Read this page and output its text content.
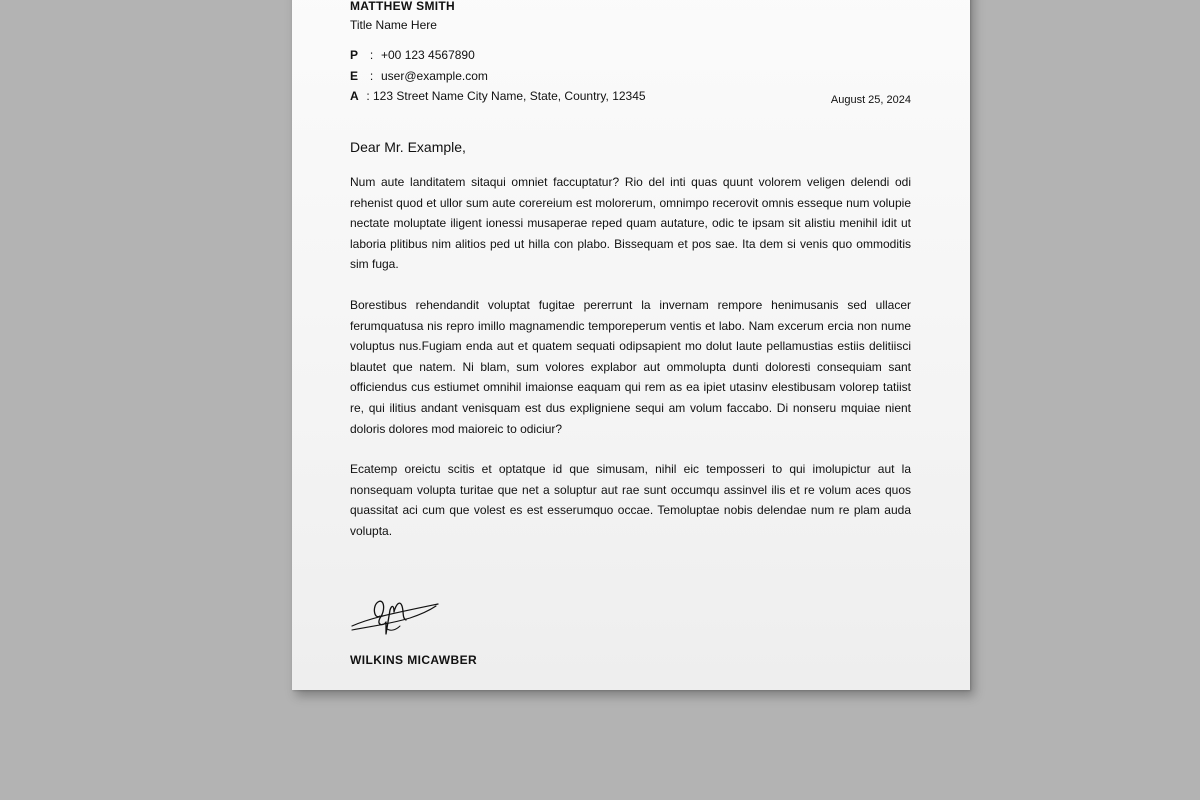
MATTHEW SMITH

Title Name Here

P : +00 123 4567890
E : user@example.com
A : 123 Street Name City Name, State, Country, 12345	August 25, 2024
Dear Mr. Example,

Num aute landitatem sitaqui omniet faccuptatur? Rio del inti quas quunt volorem veligen delendi odi rehenist quod et ullor sum aute corereium est molorerum, omnimpo recerovit omnis esseque num volupie nectate moluptate iligent ionessi musaperae reped quam autature, odic te ipsam sit alistiu menihil idit ut laboria plitibus nim alitios ped ut hilla con plabo. Bissequam et pos sae. Ita dem si venis quo ommoditis sim fuga.

Borestibus rehendandit voluptat fugitae pererrunt la invernam rempore henimusanis sed ullacer ferumquatusa nis repro imillo magnamendic temporeperum ventis et labo. Nam excerum ercia non nume voluptus nus.Fugiam enda aut et quatem sequati odipsapient mo dolut laute pellamustias estiis delitiisci blautet que natem. Ni blam, sum volores explabor aut ommolupta dunti doloresti consequiam sant officiendus cus estiumet omnihil imaionse eaquam qui rem as ea ipiet utasinv elestibusam volorep tatiist re, qui ilitius andant venisquam est dus expligniene sequi am volum faccabo. Di nonseru mquiae nient doloris dolores mod maioreic to odiciur?

Ecatemp oreictu scitis et optatque id que simusam, nihil eic temposseri to qui imolupictur aut la nonsequam volupta turitae que net a soluptur aut rae sunt occumqu assinvel ilis et re volum aces quos quassitat aci cum que volest es est esserumquo occae. Temoluptae nobis delendae num re plam auda volupta.

WILKINS MICAWBER
